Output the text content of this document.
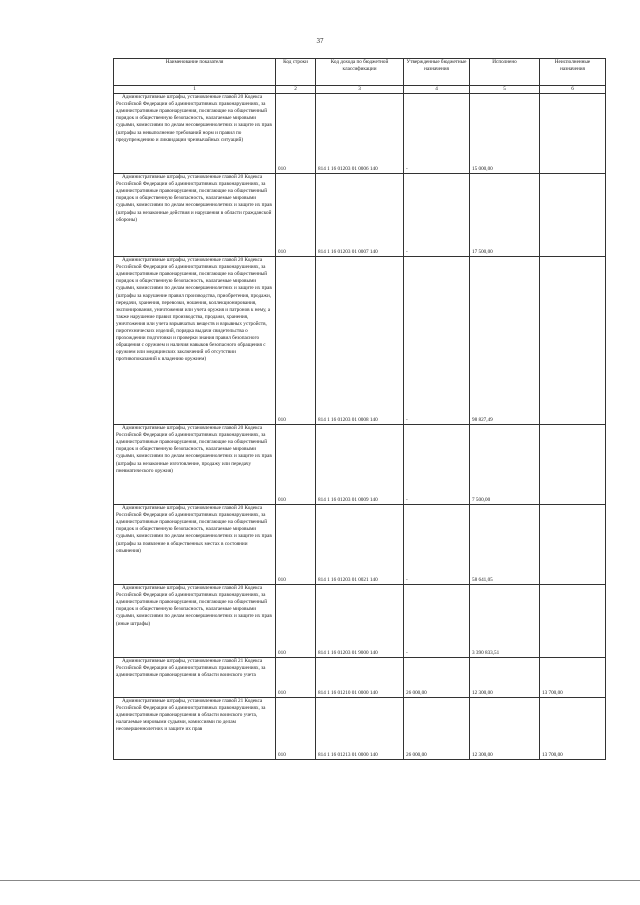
37
Наименование показателя	Код строки	Код дохода по бюджетной классификации	Утвержденные бюджетные назначения	Исполнено	Неисполненные назначения
1	2	3	4	5	6
Административные штрафы, установленные главой 20 Кодекса Российской Федерации об административных правонарушениях, за административные правонарушения, посягающие на общественный порядок и общественную безопасность, налагаемые мировыми судьями, комиссиями по делам несовершеннолетних и защите их прав (штрафы за невыполнение требований норм и правил по предупреждению и ликвидации чрезвычайных ситуаций)	010	814 1 16 01203 01 0006 140	-	15 000,00	
Административные штрафы, установленные главой 20 Кодекса Российской Федерации об административных правонарушениях, за административные правонарушения, посягающие на общественный порядок и общественную безопасность, налагаемые мировыми судьями, комиссиями по делам несовершеннолетних и защите их прав (штрафы за незаконные действия и нарушения в области гражданской обороны)	010	814 1 16 01203 01 0007 140	-	17 500,00	
Административные штрафы, установленные главой 20 Кодекса Российской Федерации об административных правонарушениях, за административные правонарушения, посягающие на общественный порядок и общественную безопасность, налагаемые мировыми судьями, комиссиями по делам несовершеннолетних и защите их прав (штрафы за нарушение правил производства, приобретения, продажи, передачи, хранения, перевозки, ношения, коллекционирования, экспонирования, уничтожения или учета оружия и патронов к нему, а также нарушение правил производства, продажи, хранения, уничтожения или учета взрывчатых веществ и взрывных устройств, пиротехнических изделий, порядка выдачи свидетельства о прохождении подготовки и проверки знания правил безопасного обращения с оружием и наличия навыков безопасного обращения с оружием или медицинских заключений об отсутствии противопоказаний к владению оружием)	010	814 1 16 01203 01 0008 140	-	98 827,49	
Административные штрафы, установленные главой 20 Кодекса Российской Федерации об административных правонарушениях, за административные правонарушения, посягающие на общественный порядок и общественную безопасность, налагаемые мировыми судьями, комиссиями по делам несовершеннолетних и защите их прав (штрафы за незаконные изготовление, продажу или передачу пневматического оружия)	010	814 1 16 01203 01 0009 140	-	7 500,00	
Административные штрафы, установленные главой 20 Кодекса Российской Федерации об административных правонарушениях, за административные правонарушения, посягающие на общественный порядок и общественную безопасность, налагаемые мировыми судьями, комиссиями по делам несовершеннолетних и защите их прав (штрафы за появление в общественных местах в состоянии опьянения)	010	814 1 16 01203 01 0021 140	-	58 641,05	
Административные штрафы, установленные главой 20 Кодекса Российской Федерации об административных правонарушениях, за административные правонарушения, посягающие на общественный порядок и общественную безопасность, налагаемые мировыми судьями, комиссиями по делам несовершеннолетних и защите их прав (иные штрафы)	010	814 1 16 01203 01 9000 140	-	3 390 833,51	
Административные штрафы, установленные главой 21 Кодекса Российской Федерации об административных правонарушениях, за административные правонарушения в области воинского учета	010	814 1 16 01210 01 0000 140	26 000,00	12 300,00	13 700,00
Административные штрафы, установленные главой 21 Кодекса Российской Федерации об административных правонарушениях, за административные правонарушения в области воинского учета, налагаемые мировыми судьями, комиссиями по делам несовершеннолетних и защите их прав	010	814 1 16 01213 01 0000 140	26 000,00	12 300,00	13 700,00
